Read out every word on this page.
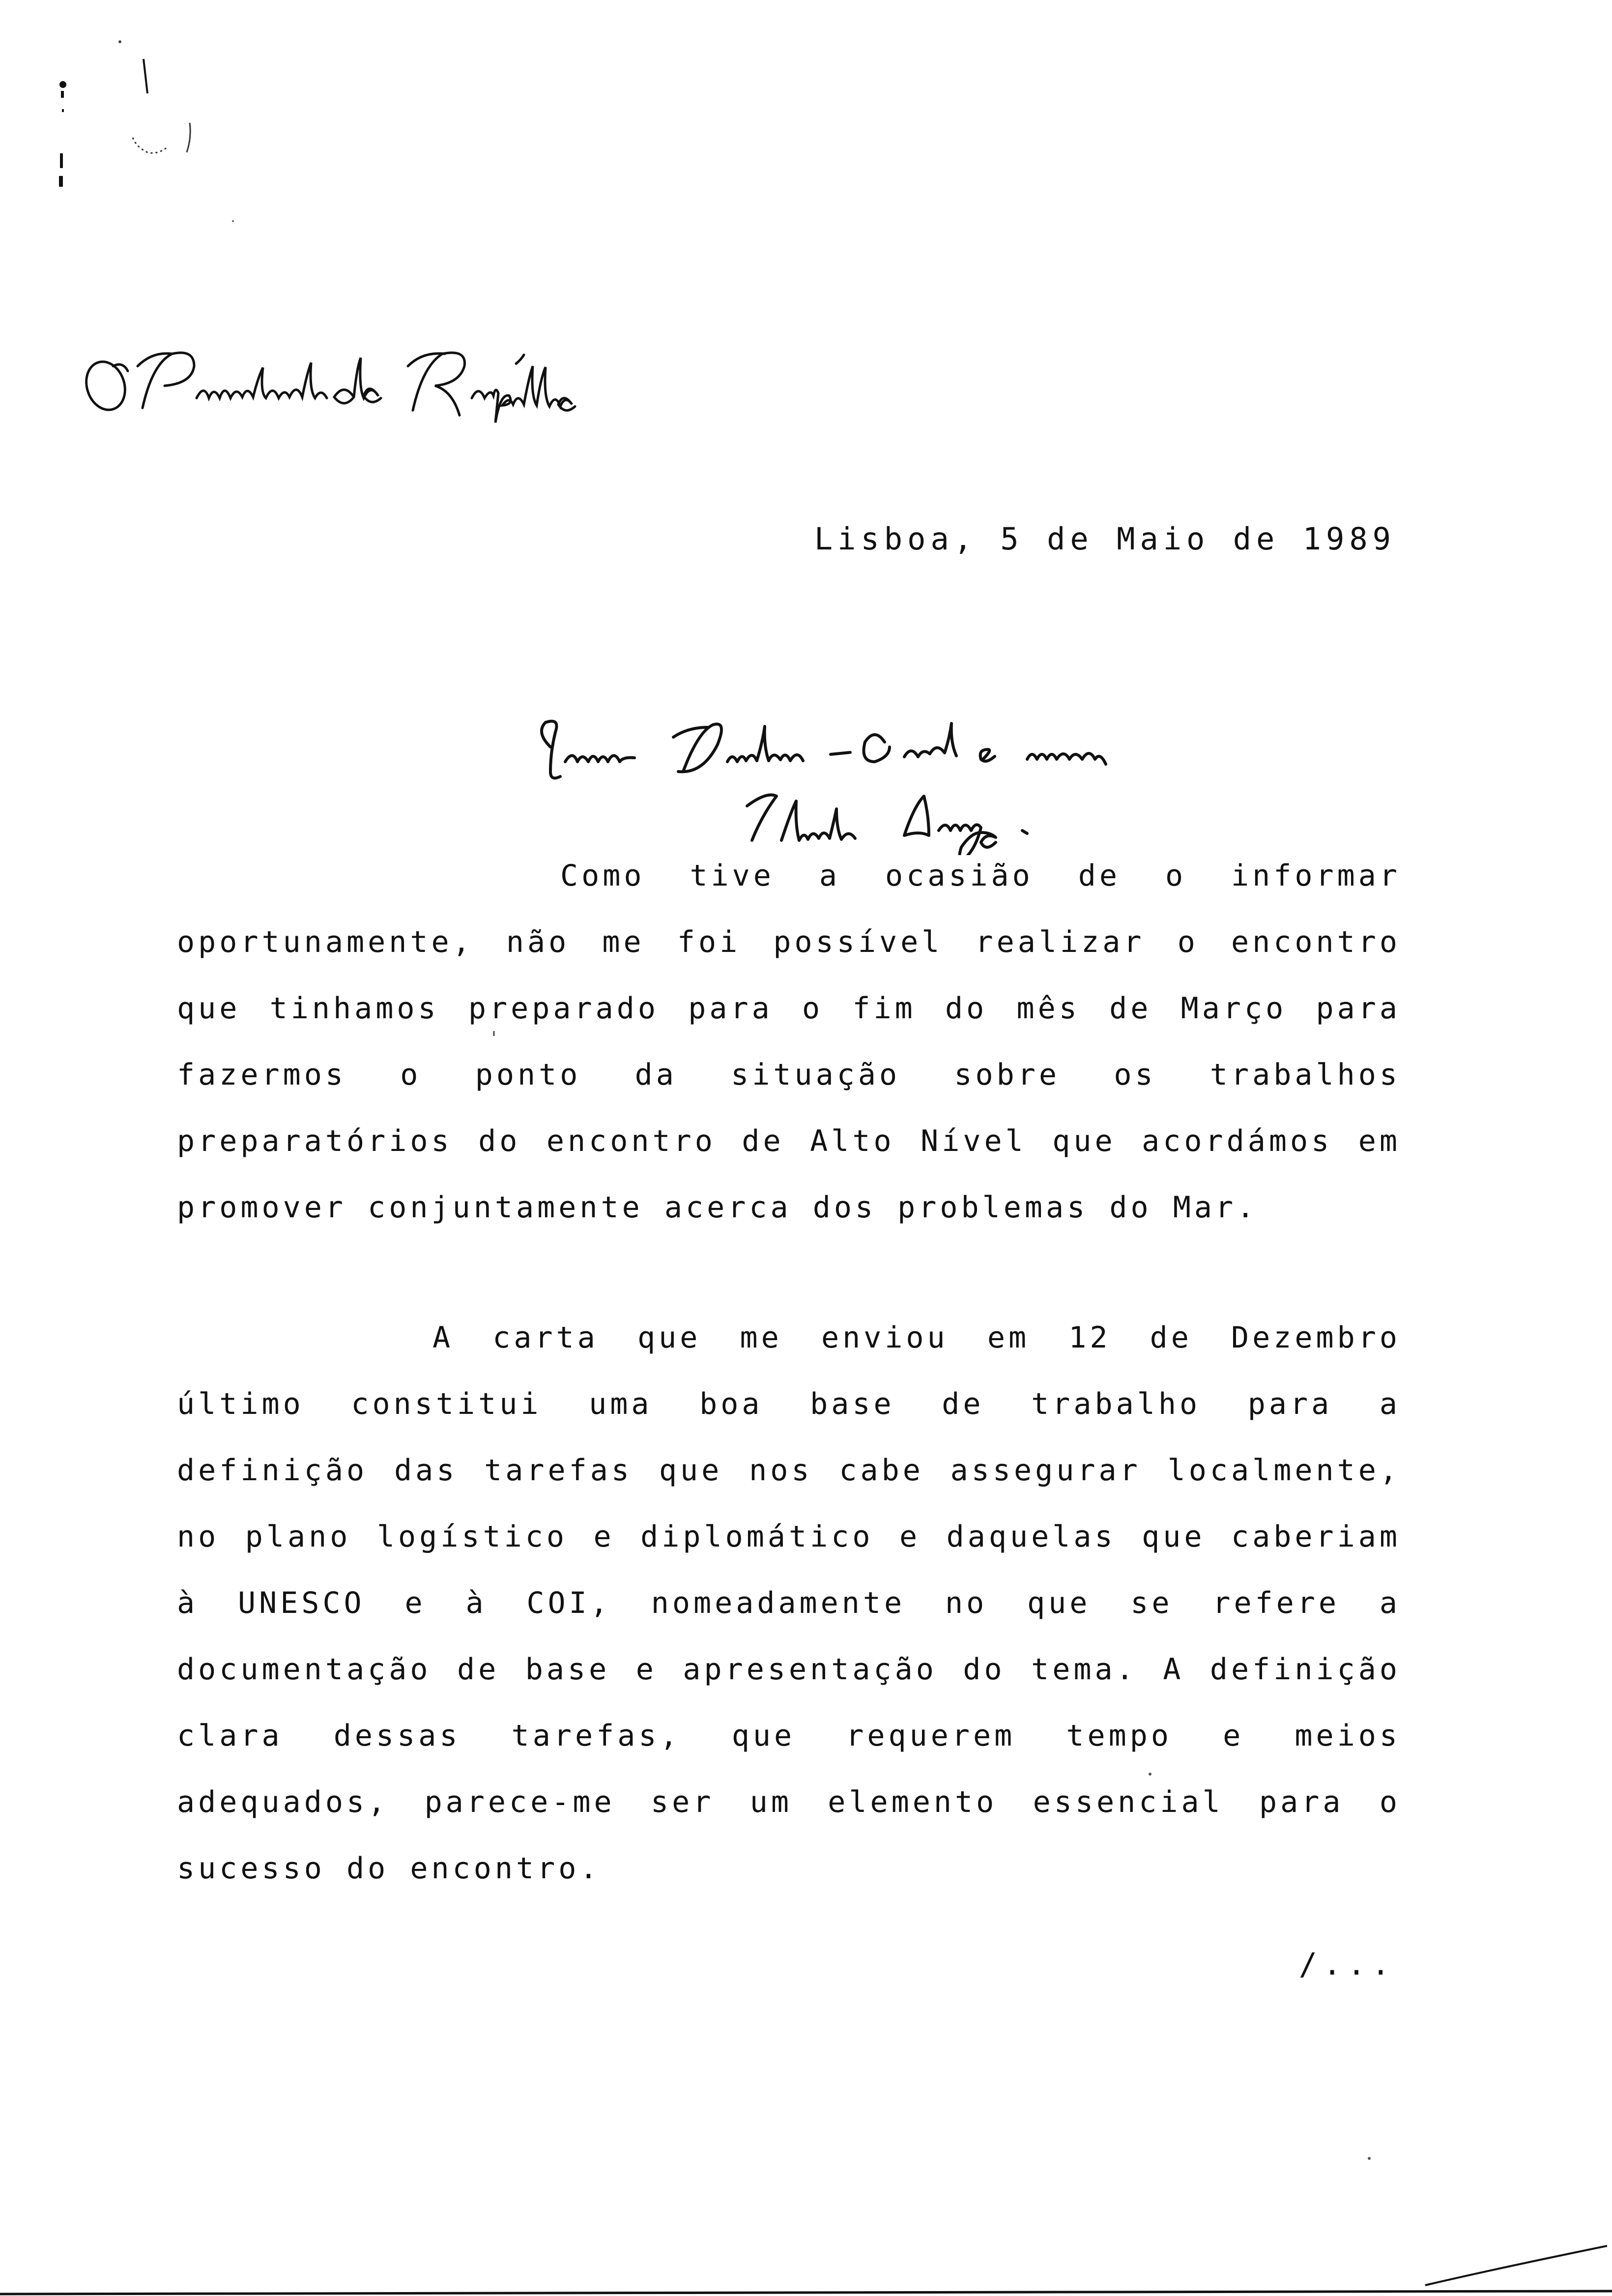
Lisboa, 5 de Maio de 1989

Como tive a ocasião de o informar oportunamente, não me foi possível realizar o encontro que tinhamos preparado para o fim do mês de Março para fazermos o ponto da situação sobre os trabalhos preparatórios do encontro de Alto Nível que acordámos em promover conjuntamente acerca dos problemas do Mar.

A carta que me enviou em 12 de Dezembro último constitui uma boa base de trabalho para a definição das tarefas que nos cabe assegurar localmente, no plano logístico e diplomático e daquelas que caberiam à UNESCO e à COI, nomeadamente no que se refere a documentação de base e apresentação do tema. A definição clara dessas tarefas, que requerem tempo e meios adequados, parece-me ser um elemento essencial para o sucesso do encontro.

/...
